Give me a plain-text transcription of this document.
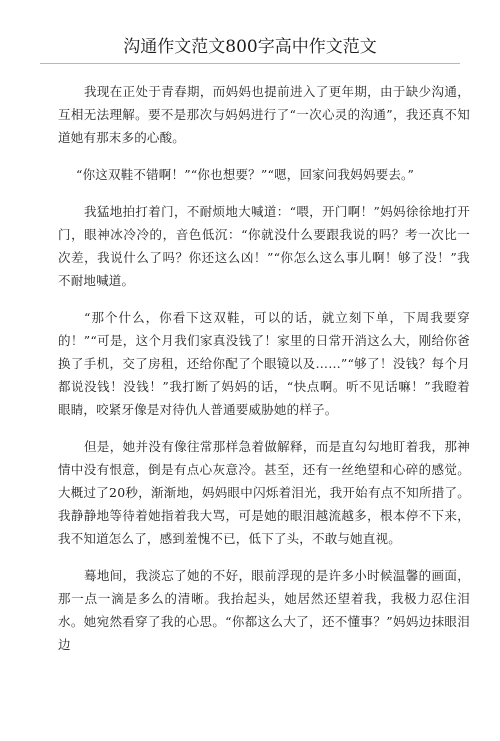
沟通作文范文800字高中作文范文

我现在正处于青春期，而妈妈也提前进入了更年期，由于缺少沟通，互相无法理解。要不是那次与妈妈进行了“一次心灵的沟通”，我还真不知道她有那末多的心酸。

“你这双鞋不错啊！”“你也想要？”“嗯，回家问我妈妈要去。”

我猛地拍打着门，不耐烦地大喊道：“喂，开门啊！”妈妈徐徐地打开门，眼神冰冷冷的，音色低沉：“你就没什么要跟我说的吗？考一次比一次差，我说什么了吗？你还这么凶！”“你怎么这么事儿啊！够了没！”我不耐地喊道。

“那个什么，你看下这双鞋，可以的话，就立刻下单，下周我要穿的！”“可是，这个月我们家真没钱了！家里的日常开消这么大，刚给你爸换了手机，交了房租，还给你配了个眼镜以及……”“够了！没钱？每个月都说没钱！没钱！”我打断了妈妈的话，“快点啊。听不见话嘛！”我瞪着眼睛，咬紧牙像是对待仇人普通要威胁她的样子。

但是，她并没有像往常那样急着做解释，而是直勾勾地盯着我，那神情中没有恨意，倒是有点心灰意冷。甚至，还有一丝绝望和心碎的感觉。大概过了20秒，渐渐地，妈妈眼中闪烁着泪光，我开始有点不知所措了。我静静地等待着她指着我大骂，可是她的眼泪越流越多，根本停不下来，我不知道怎么了，感到羞愧不已，低下了头，不敢与她直视。

蓦地间，我淡忘了她的不好，眼前浮现的是许多小时候温馨的画面，那一点一滴是多么的清晰。我抬起头，她居然还望着我，我极力忍住泪水。她宛然看穿了我的心思。“你都这么大了，还不懂事？”妈妈边抹眼泪边
